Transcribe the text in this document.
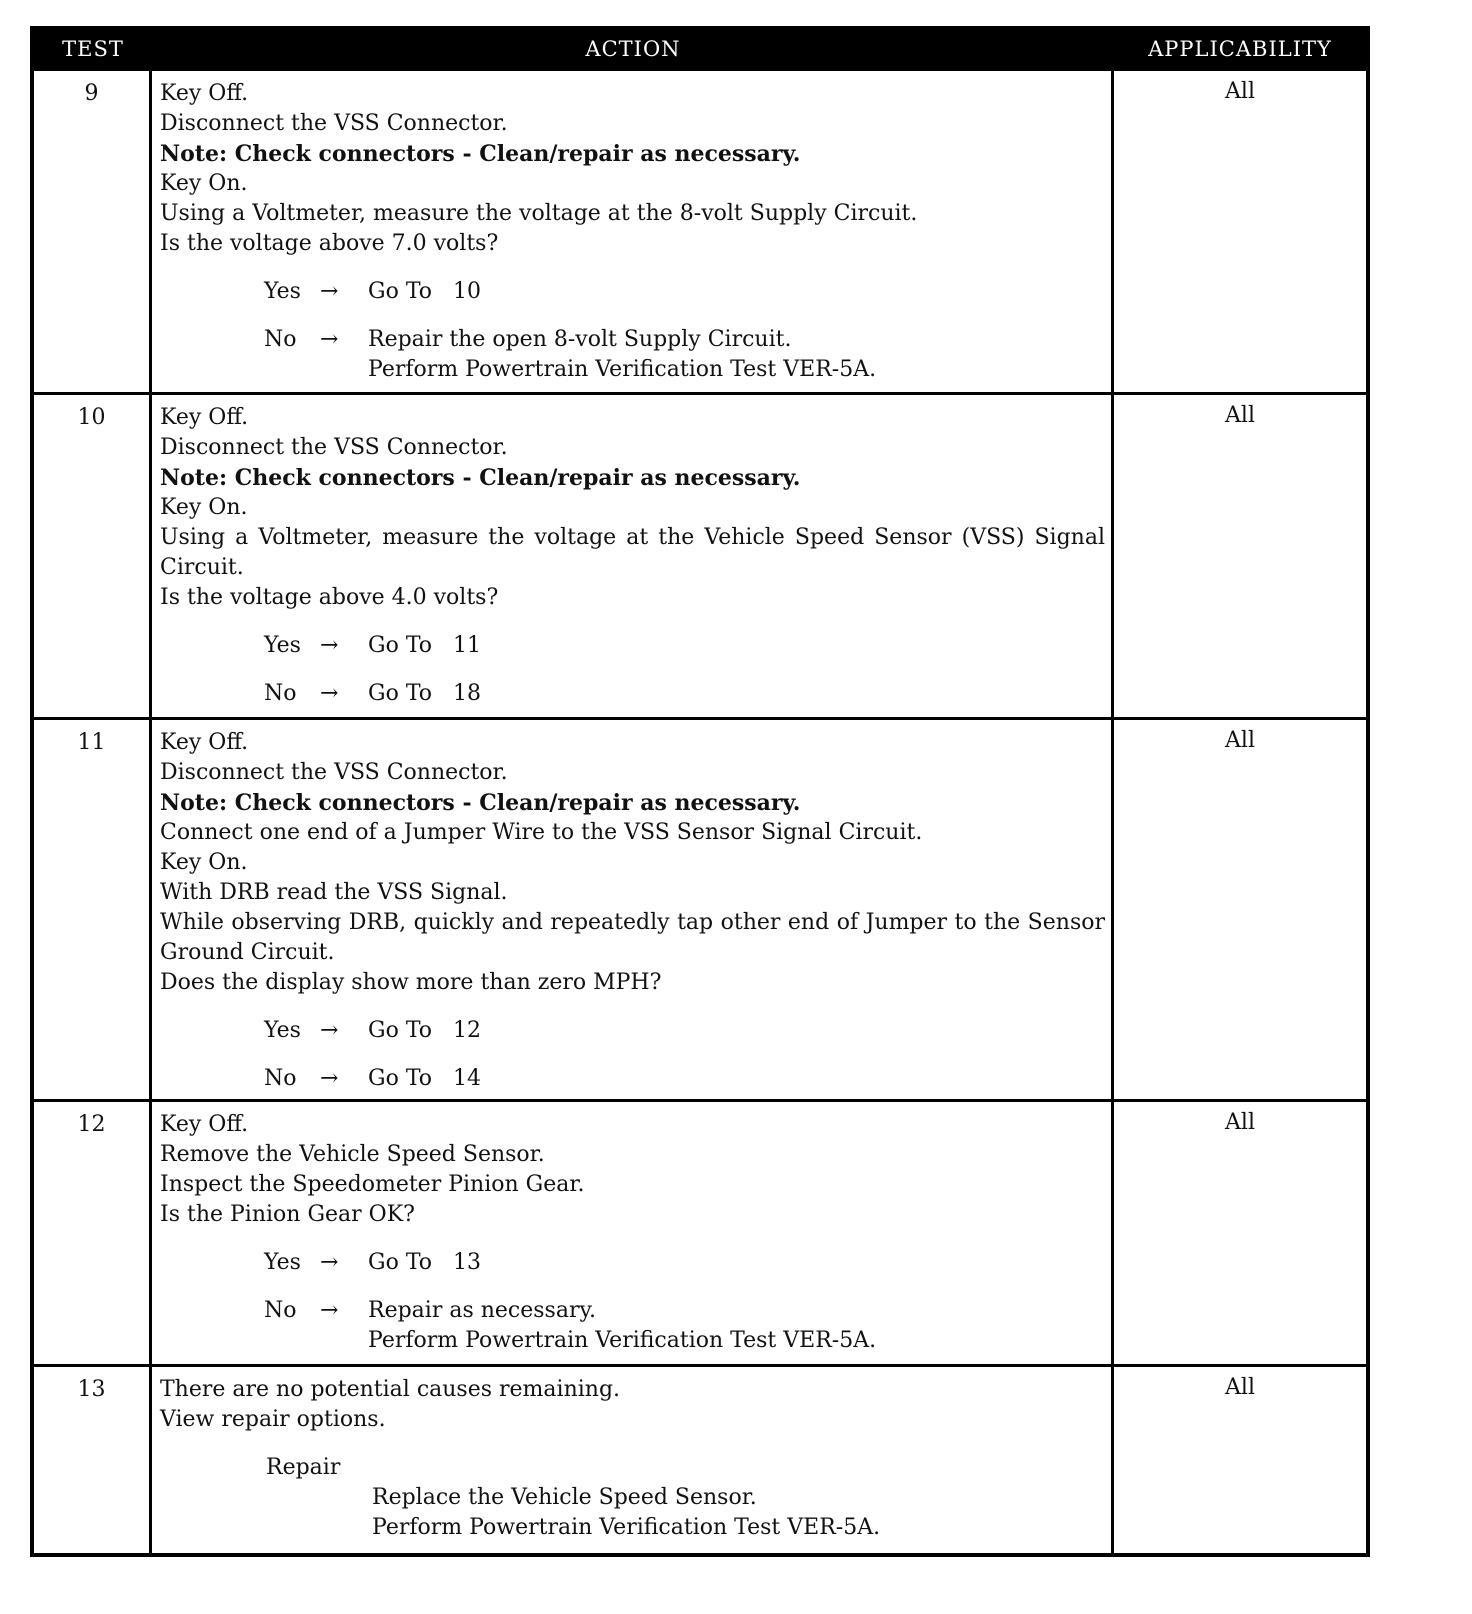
TEST	ACTION	APPLICABILITY
9	Key Off.
Disconnect the VSS Connector.
Note: Check connectors - Clean/repair as necessary.
Key On.
Using a Voltmeter, measure the voltage at the 8-volt Supply Circuit.
Is the voltage above 7.0 volts?
Yes →	Go To   10
No	→	Repair the open 8-volt Supply Circuit.
Perform Powertrain Verification Test VER-5A.
All
10	Key Off.
Disconnect the VSS Connector.
Note: Check connectors - Clean/repair as necessary.
Key On.
Using a Voltmeter, measure the voltage at the Vehicle Speed Sensor (VSS) Signal Circuit.
Is the voltage above 4.0 volts?
Yes →	Go To   11
No	→	Go To   18
All
11	Key Off.
Disconnect the VSS Connector.
Note: Check connectors - Clean/repair as necessary.
Connect one end of a Jumper Wire to the VSS Sensor Signal Circuit.
Key On.
With DRB read the VSS Signal.
While observing DRB, quickly and repeatedly tap other end of Jumper to the Sensor Ground Circuit.
Does the display show more than zero MPH?
Yes →	Go To   12
No	→	Go To   14
All
12	Key Off.
Remove the Vehicle Speed Sensor.
Inspect the Speedometer Pinion Gear.
Is the Pinion Gear OK?
Yes →	Go To   13
No	→	Repair as necessary.
Perform Powertrain Verification Test VER-5A.
All
13	There are no potential causes remaining.
View repair options.
Repair
Replace the Vehicle Speed Sensor.
Perform Powertrain Verification Test VER-5A.
All
